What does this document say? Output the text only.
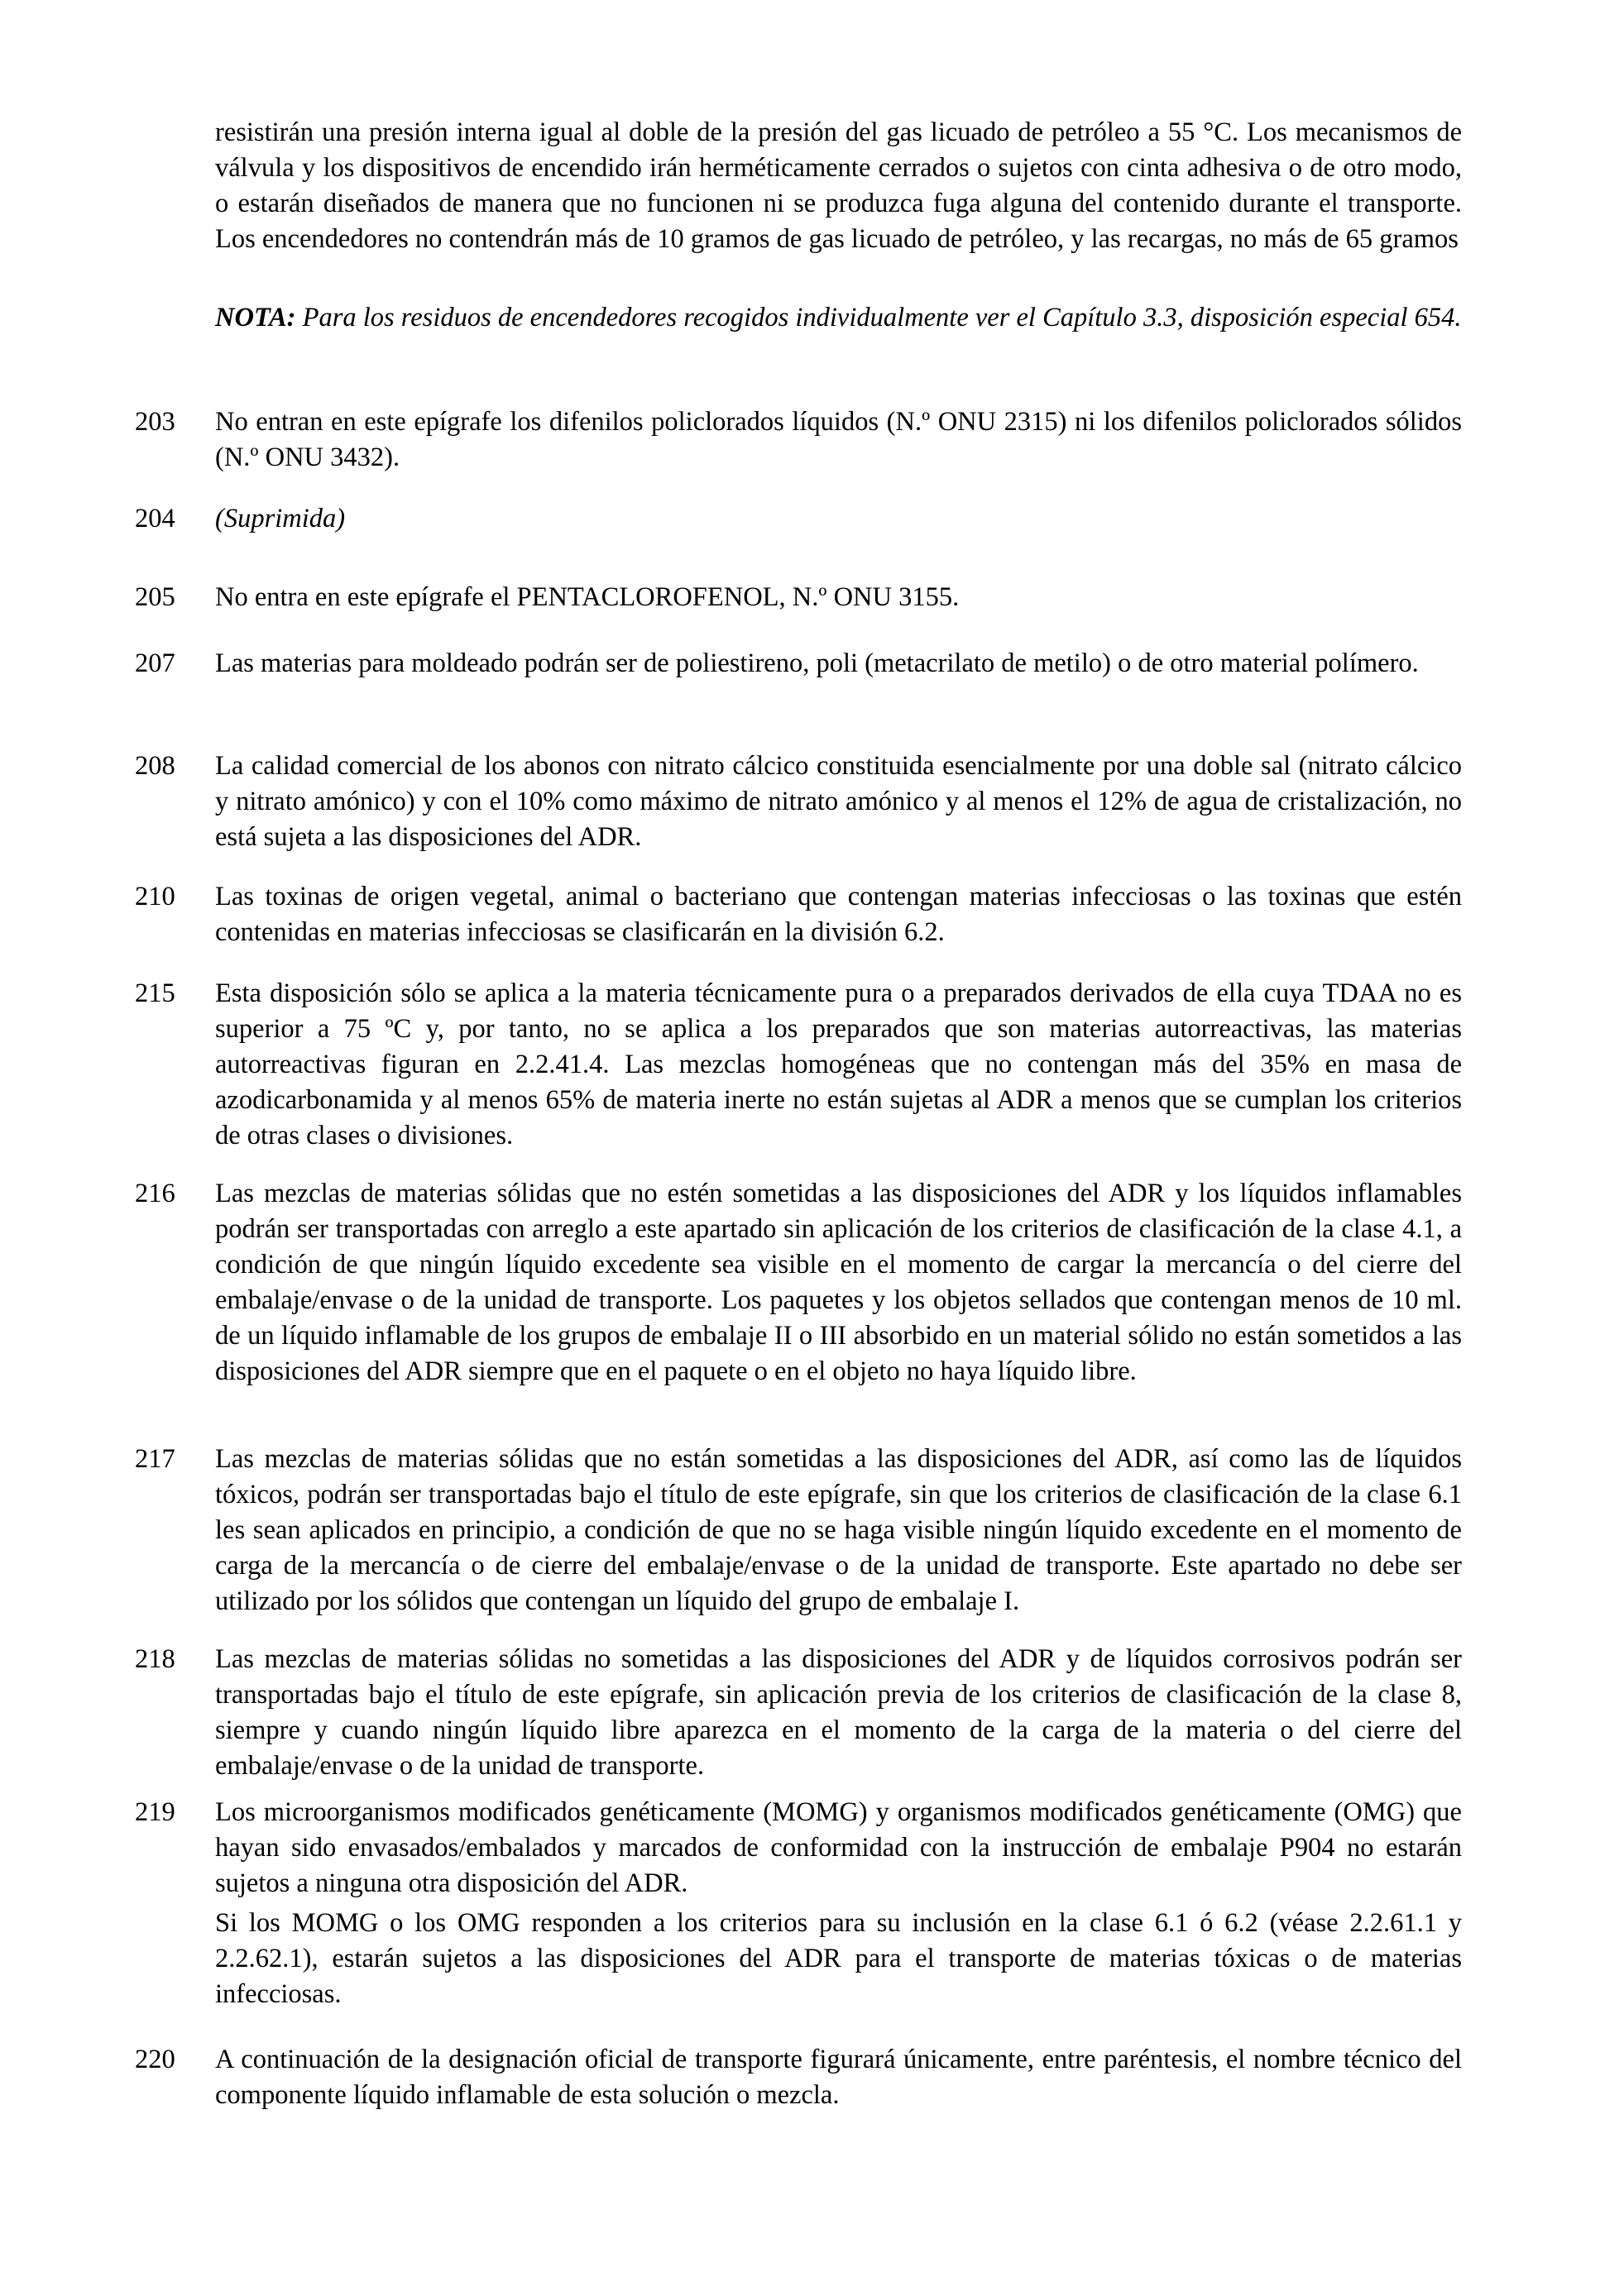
resistirán una presión interna igual al doble de la presión del gas licuado de petróleo a 55 °C. Los mecanismos de válvula y los dispositivos de encendido irán herméticamente cerrados o sujetos con cinta adhesiva o de otro modo, o estarán diseñados de manera que no funcionen ni se produzca fuga alguna del contenido durante el transporte. Los encendedores no contendrán más de 10 gramos de gas licuado de petróleo, y las recargas, no más de 65 gramos

NOTA: Para los residuos de encendedores recogidos individualmente ver el Capítulo 3.3, disposición especial 654.

203 No entran en este epígrafe los difenilos policlorados líquidos (N.º ONU 2315) ni los difenilos policlorados sólidos (N.º ONU 3432).

204 (Suprimida)

205 No entra en este epígrafe el PENTACLOROFENOL, N.º ONU 3155.

207 Las materias para moldeado podrán ser de poliestireno, poli (metacrilato de metilo) o de otro material polímero.

208 La calidad comercial de los abonos con nitrato cálcico constituida esencialmente por una doble sal (nitrato cálcico y nitrato amónico) y con el 10% como máximo de nitrato amónico y al menos el 12% de agua de cristalización, no está sujeta a las disposiciones del ADR.

210 Las toxinas de origen vegetal, animal o bacteriano que contengan materias infecciosas o las toxinas que estén contenidas en materias infecciosas se clasificarán en la división 6.2.

215 Esta disposición sólo se aplica a la materia técnicamente pura o a preparados derivados de ella cuya TDAA no es superior a 75 ºC y, por tanto, no se aplica a los preparados que son materias autorreactivas, las materias autorreactivas figuran en 2.2.41.4. Las mezclas homogéneas que no contengan más del 35% en masa de azodicarbonamida y al menos 65% de materia inerte no están sujetas al ADR a menos que se cumplan los criterios de otras clases o divisiones.

216 Las mezclas de materias sólidas que no estén sometidas a las disposiciones del ADR y los líquidos inflamables podrán ser transportadas con arreglo a este apartado sin aplicación de los criterios de clasificación de la clase 4.1, a condición de que ningún líquido excedente sea visible en el momento de cargar la mercancía o del cierre del embalaje/envase o de la unidad de transporte. Los paquetes y los objetos sellados que contengan menos de 10 ml. de un líquido inflamable de los grupos de embalaje II o III absorbido en un material sólido no están sometidos a las disposiciones del ADR siempre que en el paquete o en el objeto no haya líquido libre.

217 Las mezclas de materias sólidas que no están sometidas a las disposiciones del ADR, así como las de líquidos tóxicos, podrán ser transportadas bajo el título de este epígrafe, sin que los criterios de clasificación de la clase 6.1 les sean aplicados en principio, a condición de que no se haga visible ningún líquido excedente en el momento de carga de la mercancía o de cierre del embalaje/envase o de la unidad de transporte. Este apartado no debe ser utilizado por los sólidos que contengan un líquido del grupo de embalaje I.

218 Las mezclas de materias sólidas no sometidas a las disposiciones del ADR y de líquidos corrosivos podrán ser transportadas bajo el título de este epígrafe, sin aplicación previa de los criterios de clasificación de la clase 8, siempre y cuando ningún líquido libre aparezca en el momento de la carga de la materia o del cierre del embalaje/envase o de la unidad de transporte.

219 Los microorganismos modificados genéticamente (MOMG) y organismos modificados genéticamente (OMG) que hayan sido envasados/embalados y marcados de conformidad con la instrucción de embalaje P904 no estarán sujetos a ninguna otra disposición del ADR.

Si los MOMG o los OMG responden a los criterios para su inclusión en la clase 6.1 ó 6.2 (véase 2.2.61.1 y 2.2.62.1), estarán sujetos a las disposiciones del ADR para el transporte de materias tóxicas o de materias infecciosas.

220 A continuación de la designación oficial de transporte figurará únicamente, entre paréntesis, el nombre técnico del componente líquido inflamable de esta solución o mezcla.
